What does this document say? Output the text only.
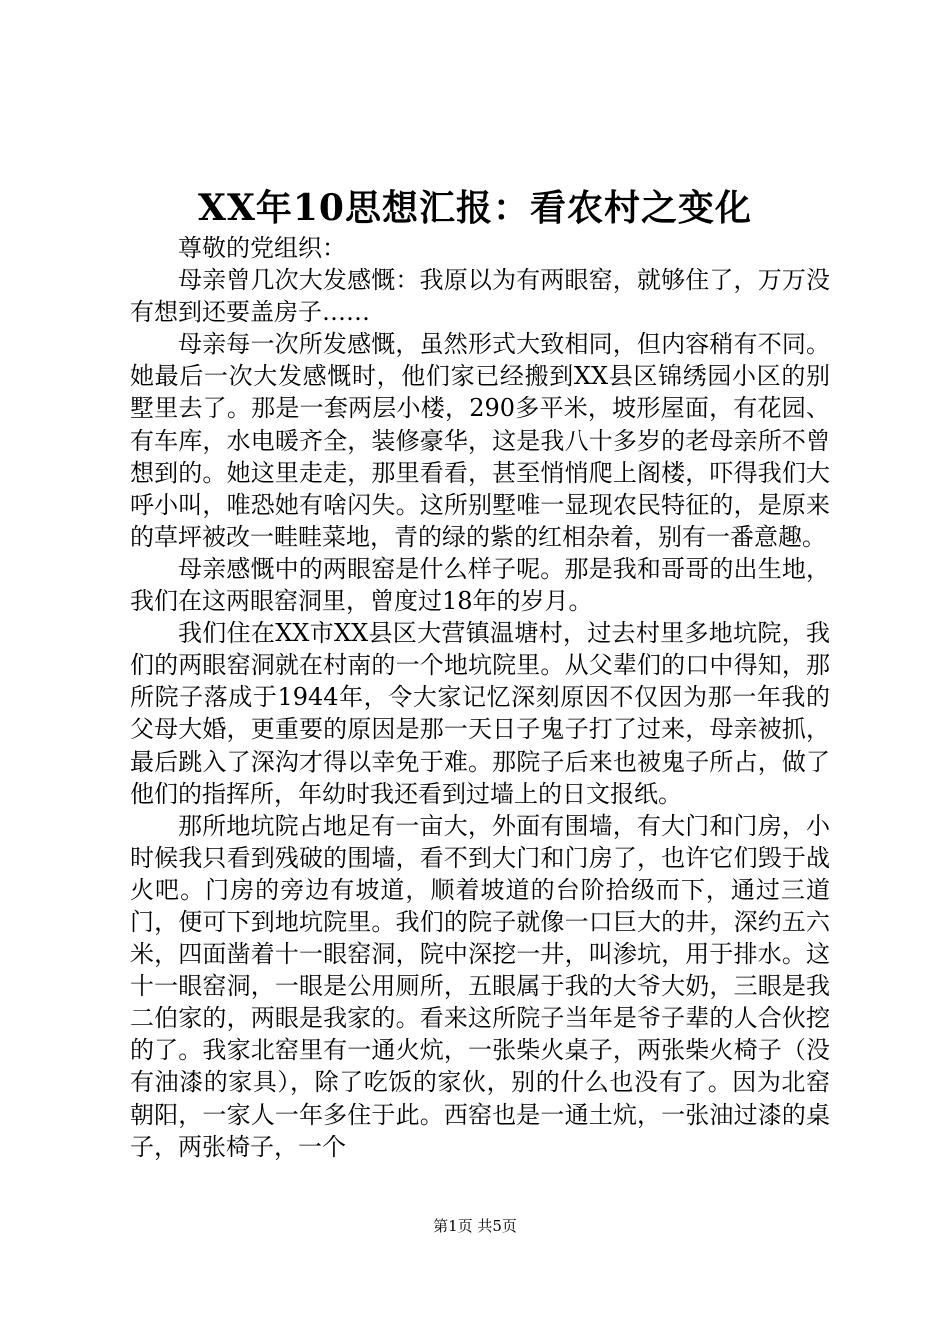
XX年10思想汇报：看农村之变化

尊敬的党组织：

母亲曾几次大发感慨：我原以为有两眼窑，就够住了，万万没有想到还要盖房子……

母亲每一次所发感慨，虽然形式大致相同，但内容稍有不同。她最后一次大发感慨时，他们家已经搬到XX县区锦绣园小区的别墅里去了。那是一套两层小楼，290多平米，坡形屋面，有花园、有车库，水电暖齐全，装修豪华，这是我八十多岁的老母亲所不曾想到的。她这里走走，那里看看，甚至悄悄爬上阁楼，吓得我们大呼小叫，唯恐她有啥闪失。这所别墅唯一显现农民特征的，是原来的草坪被改一畦畦菜地，青的绿的紫的红相杂着，别有一番意趣。

母亲感慨中的两眼窑是什么样子呢。那是我和哥哥的出生地，我们在这两眼窑洞里，曾度过18年的岁月。

我们住在XX市XX县区大营镇温塘村，过去村里多地坑院，我们的两眼窑洞就在村南的一个地坑院里。从父辈们的口中得知，那所院子落成于1944年，令大家记忆深刻原因不仅因为那一年我的父母大婚，更重要的原因是那一天日子鬼子打了过来，母亲被抓，最后跳入了深沟才得以幸免于难。那院子后来也被鬼子所占，做了他们的指挥所，年幼时我还看到过墙上的日文报纸。

那所地坑院占地足有一亩大，外面有围墙，有大门和门房，小时候我只看到残破的围墙，看不到大门和门房了，也许它们毁于战火吧。门房的旁边有坡道，顺着坡道的台阶拾级而下，通过三道门，便可下到地坑院里。我们的院子就像一口巨大的井，深约五六米，四面凿着十一眼窑洞，院中深挖一井，叫渗坑，用于排水。这十一眼窑洞，一眼是公用厕所，五眼属于我的大爷大奶，三眼是我二伯家的，两眼是我家的。看来这所院子当年是爷子辈的人合伙挖的了。我家北窑里有一通火炕，一张柴火桌子，两张柴火椅子（没有油漆的家具），除了吃饭的家伙，别的什么也没有了。因为北窑朝阳，一家人一年多住于此。西窑也是一通土炕，一张油过漆的桌子，两张椅子，一个

第1页 共5页
